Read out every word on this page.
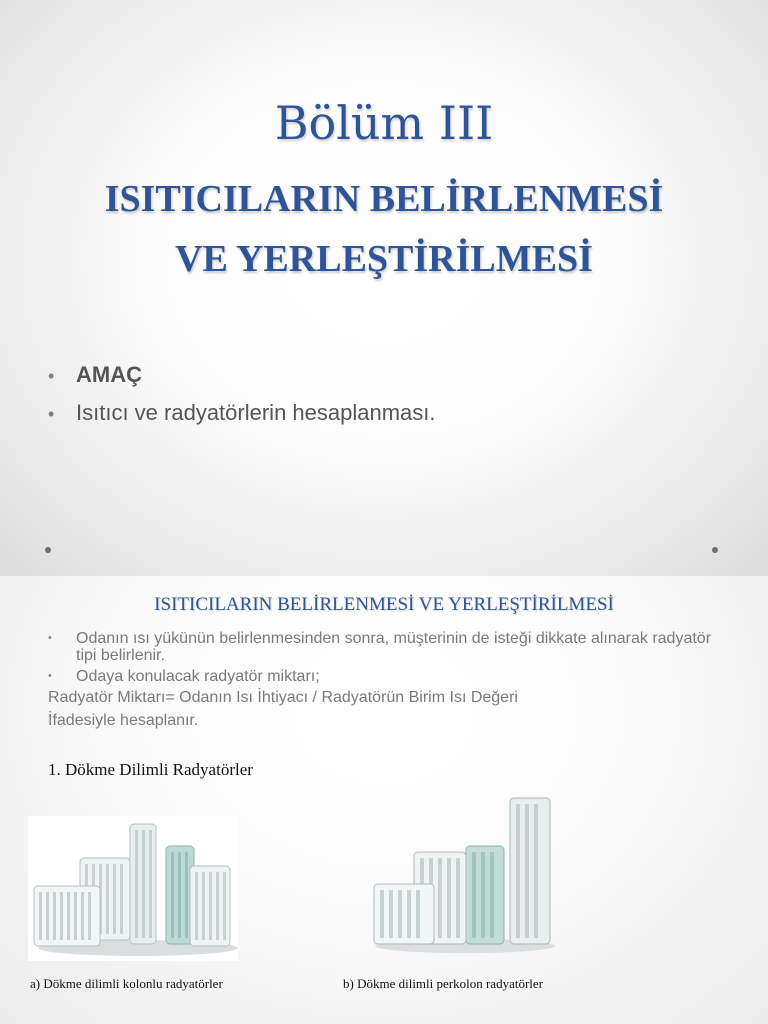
Bölüm III
ISITICILARIN BELİRLENMESİ
VE YERLEŞTİRİLMESİ
• AMAÇ
• Isıtıcı ve radyatörlerin hesaplanması.
ISITICILARIN BELİRLENMESİ VE YERLEŞTİRİLMESİ
•	Odanın ısı yükünün belirlenmesinden sonra, müşterinin de isteği dikkate alınarak radyatör tipi belirlenir.
•	Odaya konulacak radyatör miktarı;
Radyatör Miktarı= Odanın Isı İhtiyacı / Radyatörün Birim Isı Değeri
İfadesiyle hesaplanır.
1. Dökme Dilimli Radyatörler
a) Dökme dilimli kolonlu radyatörler	b) Dökme dilimli perkolon radyatörler
